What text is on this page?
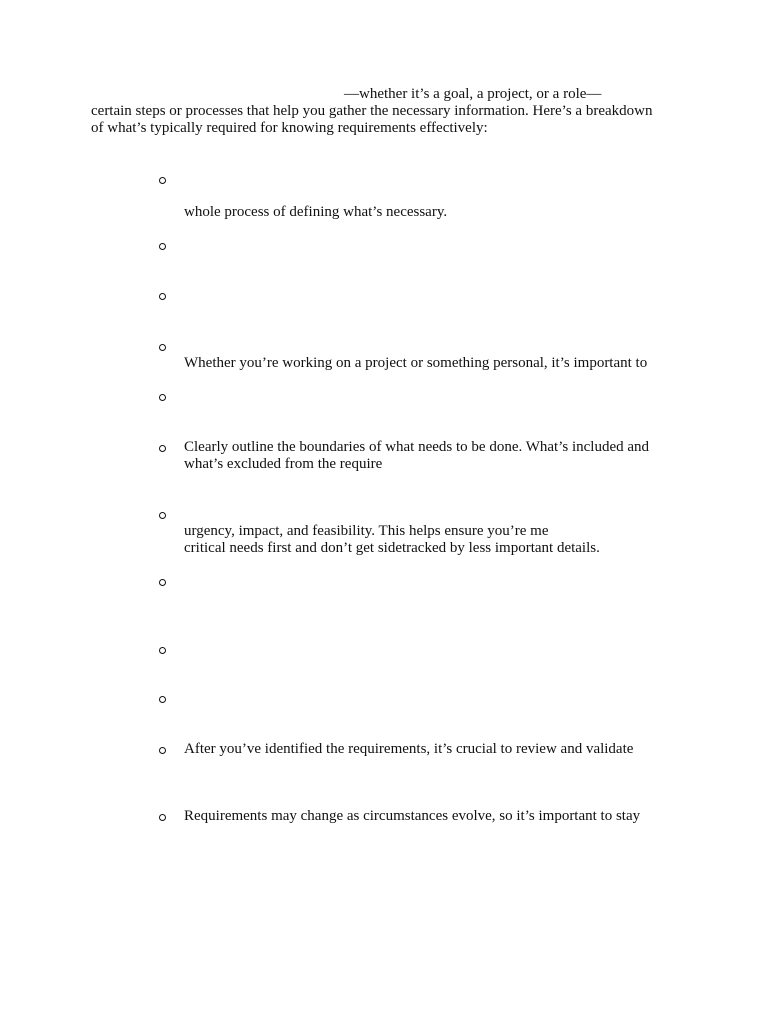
—whether it’s a goal, a project, or a role—
certain steps or processes that help you gather the necessary information. Here’s a breakdown
of what’s typically required for knowing requirements effectively:
whole process of defining what’s necessary.
Whether you’re working on a project or something personal, it’s important to
Clearly outline the boundaries of what needs to be done. What’s included and
what’s excluded from the require
urgency, impact, and feasibility. This helps ensure you’re me
critical needs first and don’t get sidetracked by less important details.
After you’ve identified the requirements, it’s crucial to review and validate
Requirements may change as circumstances evolve, so it’s important to stay
